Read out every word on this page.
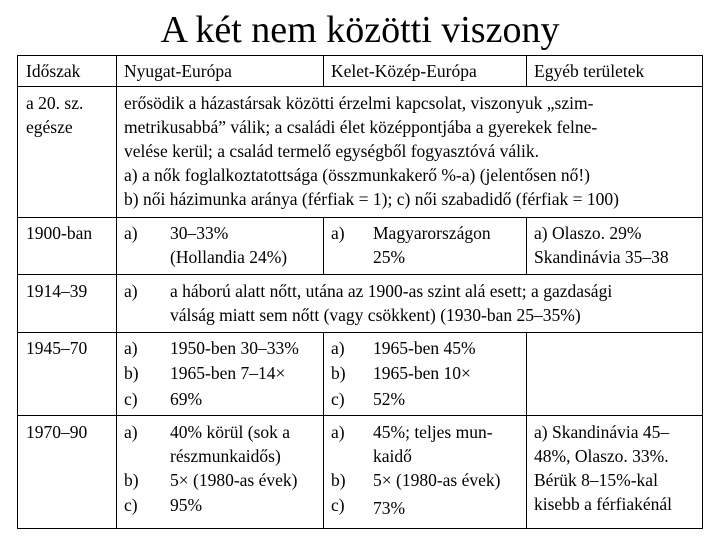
A két nem közötti viszony
Időszak Nyugat-Európa	Kelet-Közép-Európa	Egyéb területek
a 20. sz.
egésze
erősödik a házastársak közötti érzelmi kapcsolat, viszonyuk „szim-
metrikusabbá” válik; a családi élet középpontjába a gyerekek felne-
velése kerül; a család termelő egységből fogyasztóvá válik.
a) a nők foglalkoztatottsága (összmunkakerő %-a) (jelentősen nő!)
b) női házimunka aránya (férfiak = 1); c) női szabadidő (férfiak = 100)
1900-ban a) 30–33%
(Hollandia 24%)
a) Magyarországon
25%
a) Olaszo. 29%
Skandinávia 35–38
1914–39 a) a háború alatt nőtt, utána az 1900-as szint alá esett; a gazdasági
válság miatt sem nőtt (vagy csökkent) (1930-ban 25–35%)
1945–70 a)
b)
c)
1950-ben 30–33%
1965-ben 7–14×
69%
a)
b)
c)
1965-ben 45%
1965-ben 10×
52%
1970–90 a) 40% körül (sok a
részmunkaidős)
b) 5× (1980-as évek)
c) 95%
a) 45%; teljes mun-
kaidő
b) 5× (1980-as évek)
c) 73%
a) Skandinávia 45–
48%, Olaszo. 33%.
Bérük 8–15%-kal
kisebb a férfiakénál
